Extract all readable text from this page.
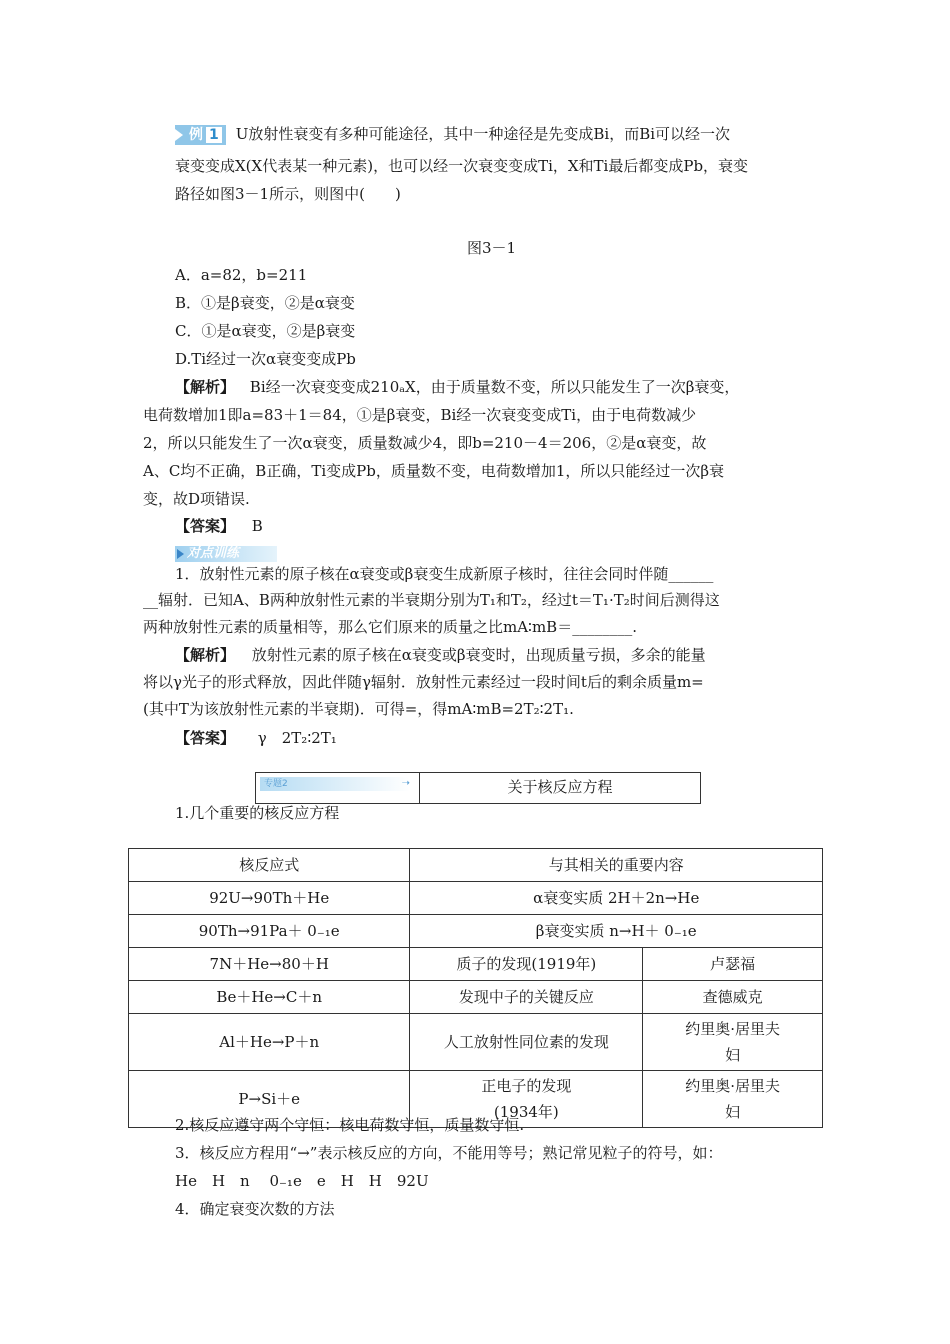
例 1 U放射性衰变有多种可能途径，其中一种途径是先变成Bi，而Bi可以经一次
衰变变成X(X代表某一种元素)，也可以经一次衰变变成Ti，X和Ti最后都变成Pb，衰变
路径如图3－1所示，则图中(　　)
图3－1
A．a=82，b=211
B．①是β衰变，②是α衰变
C．①是α衰变，②是β衰变
D.Ti经过一次α衰变变成Pb
【解析】 Bi经一次衰变变成210ₐX，由于质量数不变，所以只能发生了一次β衰变，
电荷数增加1即a=83＋1＝84，①是β衰变，Bi经一次衰变变成Ti，由于电荷数减少
2，所以只能发生了一次α衰变，质量数减少4，即b=210－4＝206，②是α衰变，故
A、C均不正确，B正确，Ti变成Pb，质量数不变，电荷数增加1，所以只能经过一次β衰
变，故D项错误.
【答案】 B
对点训练
1．放射性元素的原子核在α衰变或β衰变生成新原子核时，往往会同时伴随______
__辐射．已知A、B两种放射性元素的半衰期分别为T₁和T₂，经过t＝T₁·T₂时间后测得这
两种放射性元素的质量相等，那么它们原来的质量之比mA∶mB＝________.
【解析】 放射性元素的原子核在α衰变或β衰变时，出现质量亏损，多余的能量
将以γ光子的形式释放，因此伴随γ辐射．放射性元素经过一段时间t后的剩余质量m=
(其中T为该放射性元素的半衰期)．可得=，得mA∶mB=2T₂∶2T₁.
【答案】 γ　2T₂∶2T₁
专题2	➝	关于核反应方程
1.几个重要的核反应方程
核反应式	与其相关的重要内容	
92U→90Th＋He	α衰变实质 2H＋2n→He	
90Th→91Pa＋ 0₋₁e	β衰变实质 n→H＋ 0₋₁e	
7N＋He→80＋H	质子的发现(1919年)	卢瑟福
Be＋He→C＋n	发现中子的关键反应	查德威克
Al＋He→P＋n	人工放射性同位素的发现	约里奥·居里夫妇
P→Si＋e	正电子的发现(1934年)	约里奥·居里夫妇
2.核反应遵守两个守恒：核电荷数守恒，质量数守恒.
3．核反应方程用“→”表示核反应的方向，不能用等号；熟记常见粒子的符号，如：
He　H　n　 0₋₁e　e　H　H　92U
4．确定衰变次数的方法
